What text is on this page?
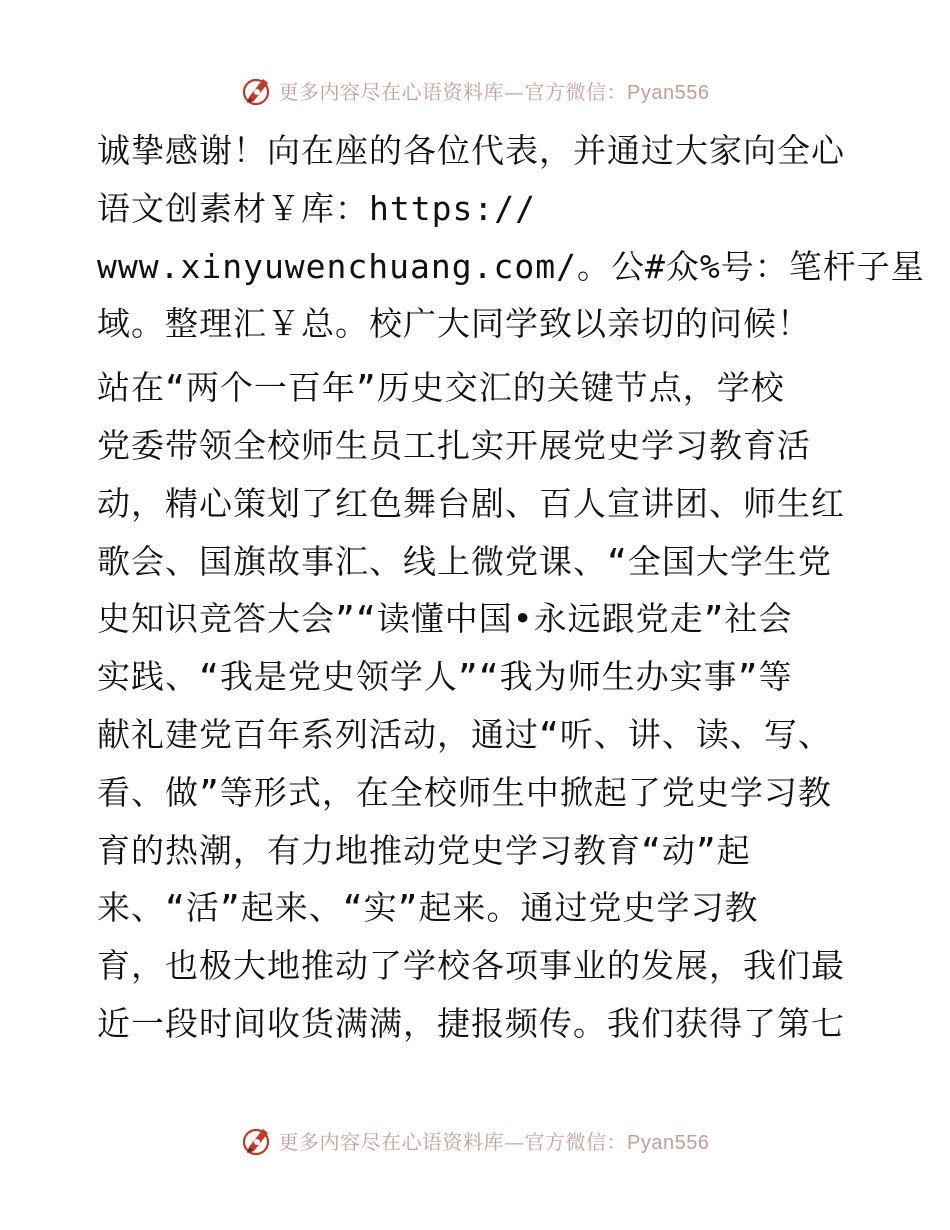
更多内容尽在心语资料库—官方微信：Pyan556
诚挚感谢！向在座的各位代表，并通过大家向全心
语文创素材￥库：https://
www.xinyuwenchuang.com/。公#众%号：笔杆子星
域。整理汇￥总。校广大同学致以亲切的问候！
站在“两个一百年”历史交汇的关键节点，学校
党委带领全校师生员工扎实开展党史学习教育活
动，精心策划了红色舞台剧、百人宣讲团、师生红
歌会、国旗故事汇、线上微党课、“全国大学生党
史知识竞答大会”“读懂中国•永远跟党走”社会
实践、“我是党史领学人”“我为师生办实事”等
献礼建党百年系列活动，通过“听、讲、读、写、
看、做”等形式，在全校师生中掀起了党史学习教
育的热潮，有力地推动党史学习教育“动”起
来、“活”起来、“实”起来。通过党史学习教
育，也极大地推动了学校各项事业的发展，我们最
近一段时间收货满满，捷报频传。我们获得了第七
更多内容尽在心语资料库—官方微信：Pyan556
